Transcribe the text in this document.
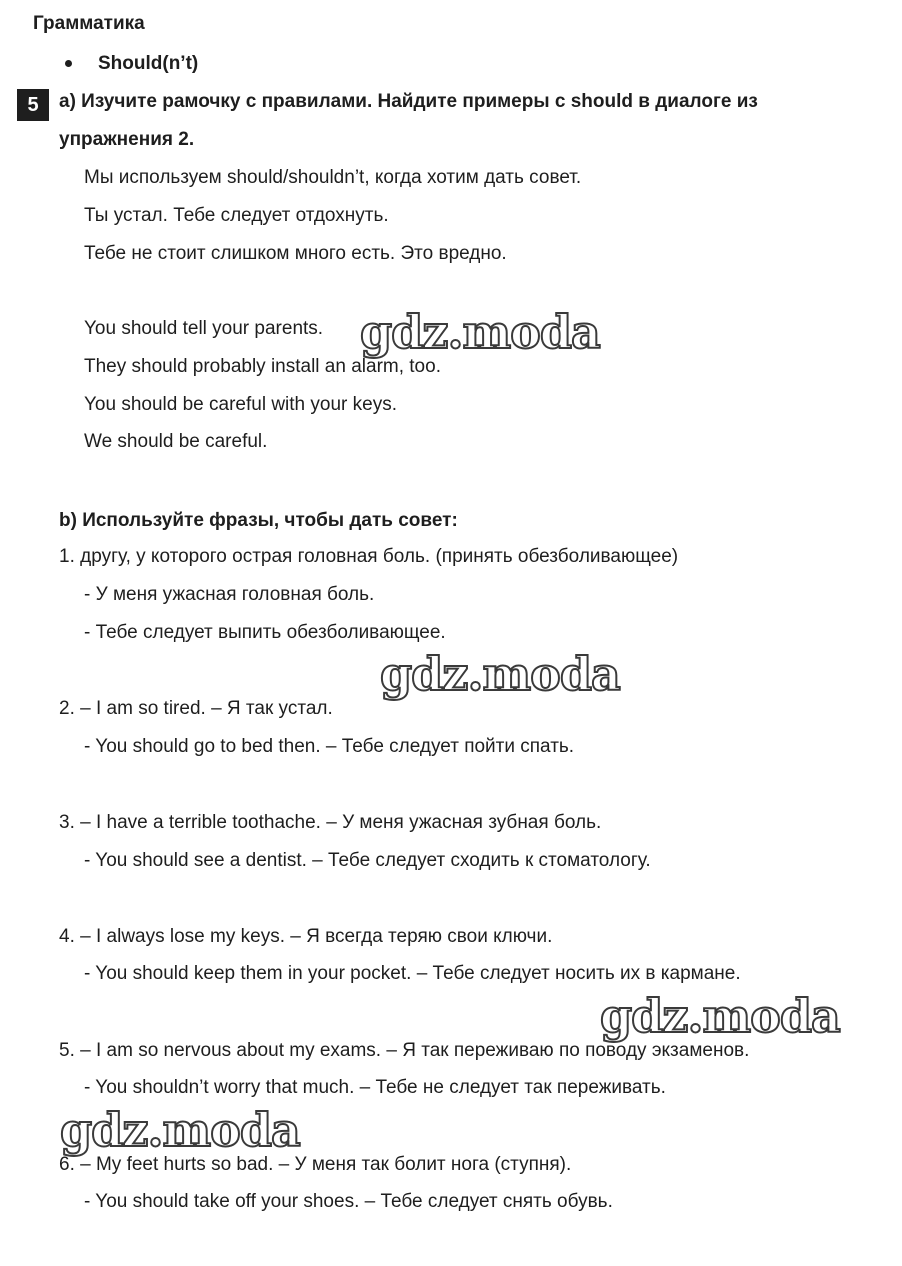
Грамматика
Should(n’t)
5	a) Изучите рамочку с правилами. Найдите примеры с should в диалоге из
упражнения 2.
Мы используем should/shouldn’t, когда хотим дать совет.
Ты устал. Тебе следует отдохнуть.
Тебе не стоит слишком много есть. Это вредно.
You should tell your parents.
They should probably install an alarm, too.
You should be careful with your keys.
We should be careful.
b) Используйте фразы, чтобы дать совет:
1. другу, у которого острая головная боль. (принять обезболивающее)
- У меня ужасная головная боль.
- Тебе следует выпить обезболивающее.
2. – I am so tired. – Я так устал.
- You should go to bed then. – Тебе следует пойти спать.
3. – I have a terrible toothache. – У меня ужасная зубная боль.
- You should see a dentist. – Тебе следует сходить к стоматологу.
4. – I always lose my keys. – Я всегда теряю свои ключи.
- You should keep them in your pocket. – Тебе следует носить их в кармане.
5. – I am so nervous about my exams. – Я так переживаю по поводу экзаменов.
- You shouldn’t worry that much. – Тебе не следует так переживать.
6. – My feet hurts so bad. – У меня так болит нога (ступня).
- You should take off your shoes. – Тебе следует снять обувь.
gdz.moda
gdz.moda
gdz.moda
gdz.moda
